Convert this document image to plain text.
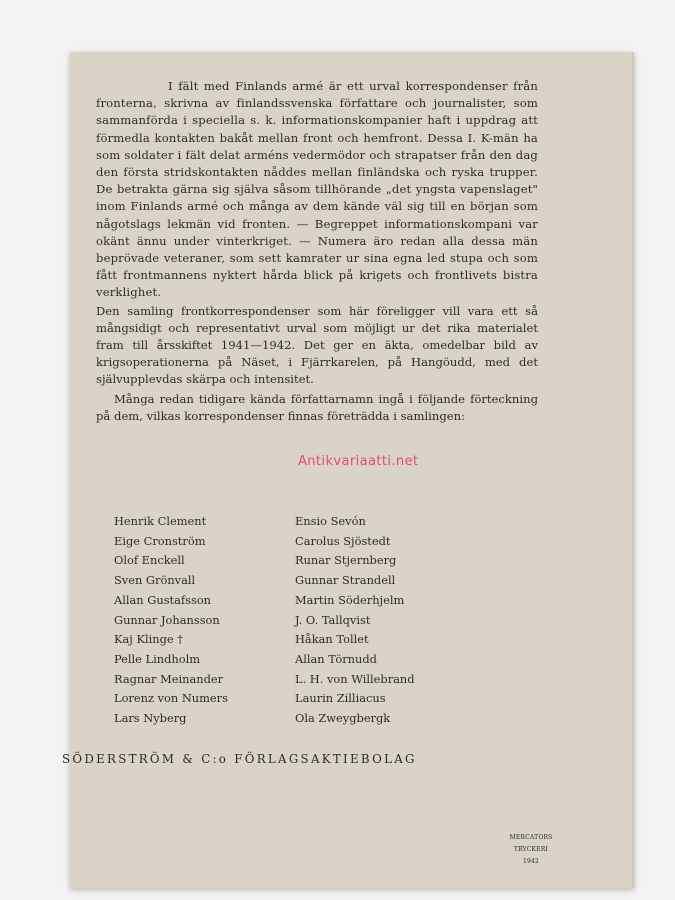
I fält med Finlands armé är ett urval korrespondenser från fronterna, skrivna av finlandssvenska författare och journalister, som sammanförda i speciella s. k. informationskompanier haft i uppdrag att förmedla kontakten bakåt mellan front och hemfront. Dessa I. K-män ha som soldater i fält delat arméns vedermödor och strapatser från den dag den första stridskontakten nåddes mellan finländska och ryska trupper. De betrakta gärna sig själva såsom tillhörande „det yngsta vapenslaget" inom Finlands armé och många av dem kände väl sig till en början som någotslags lekmän vid fronten. — Begreppet informationskompani var okänt ännu under vinterkriget. — Numera äro redan alla dessa män beprövade veteraner, som sett kamrater ur sina egna led stupa och som fått frontmannens nyktert hårda blick på krigets och frontlivets bistra verklighet.

Den samling frontkorrespondenser som här föreligger vill vara ett så mångsidigt och representativt urval som möjligt ur det rika materialet fram till årsskiftet 1941—1942. Det ger en äkta, omedelbar bild av krigsoperationerna på Näset, i Fjärrkarelen, på Hangöudd, med det självupplevdas skärpa och intensitet.

Många redan tidigare kända författarnamn ingå i följande förteckning på dem, vilkas korrespondenser finnas företrädda i samlingen:

Henrik Clement
Eige Cronström
Olof Enckell
Sven Grönvall
Allan Gustafsson
Gunnar Johansson
Kaj Klinge †
Pelle Lindholm
Ragnar Meinander
Lorenz von Numers
Lars Nyberg
Ensio Sevón
Carolus Sjöstedt
Runar Stjernberg
Gunnar Strandell
Martin Söderhjelm
J. O. Tallqvist
Håkan Tollet
Allan Törnudd
L. H. von Willebrand
Laurin Zilliacus
Ola Zweygbergk
SÖDERSTRÖM & C:o FÖRLAGSAKTIEBOLAG
MERCATORS TRYCKERI
1942
Antikvariaatti.net
